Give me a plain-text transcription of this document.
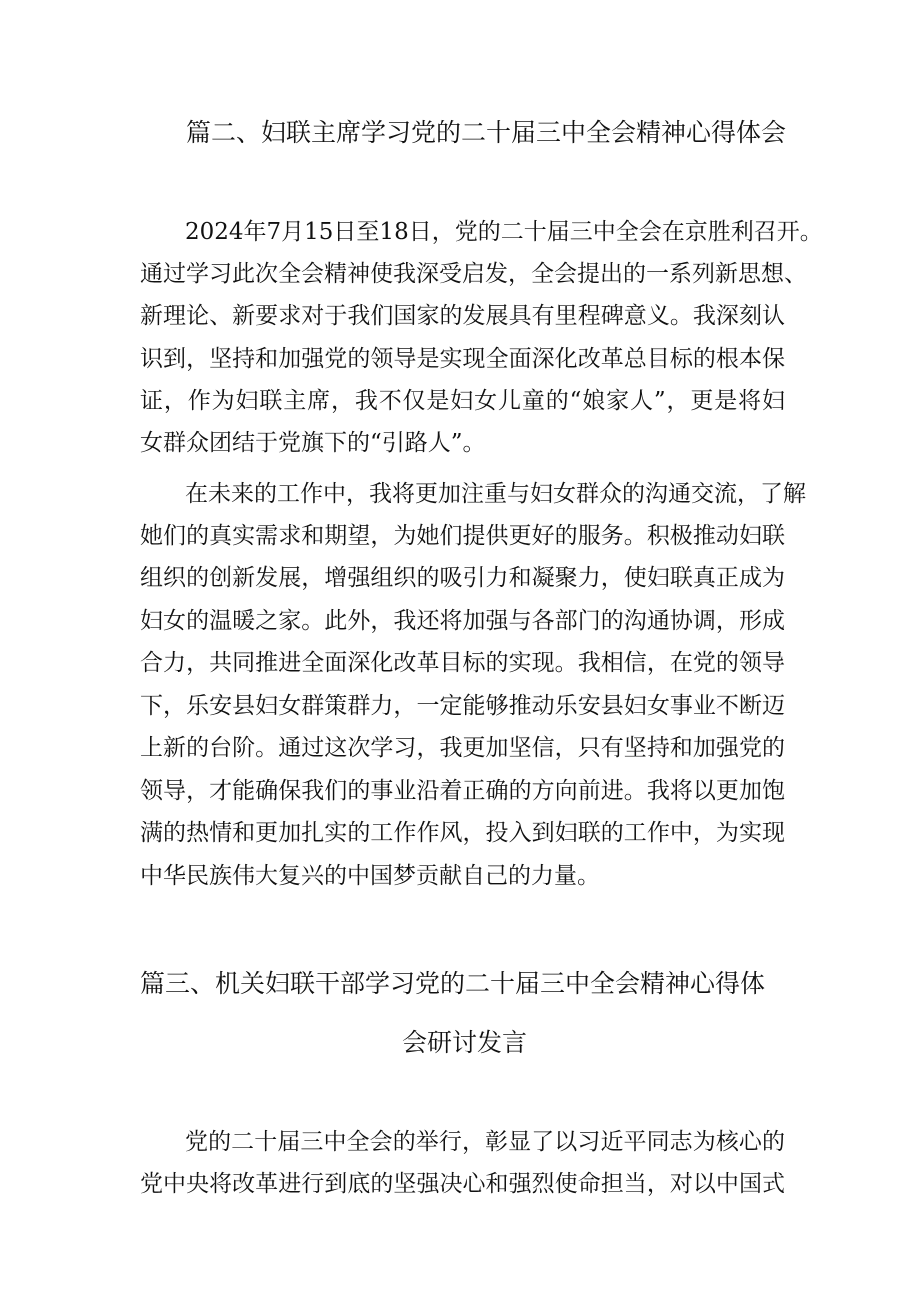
篇二、妇联主席学习党的二十届三中全会精神心得体会
2024年7月15日至18日，党的二十届三中全会在京胜利召开。
通过学习此次全会精神使我深受启发，全会提出的一系列新思想、
新理论、新要求对于我们国家的发展具有里程碑意义。我深刻认
识到，坚持和加强党的领导是实现全面深化改革总目标的根本保
证，作为妇联主席，我不仅是妇女儿童的“娘家人”，更是将妇
女群众团结于党旗下的“引路人”。
在未来的工作中，我将更加注重与妇女群众的沟通交流，了解
她们的真实需求和期望，为她们提供更好的服务。积极推动妇联
组织的创新发展，增强组织的吸引力和凝聚力，使妇联真正成为
妇女的温暖之家。此外，我还将加强与各部门的沟通协调，形成
合力，共同推进全面深化改革目标的实现。我相信，在党的领导
下，乐安县妇女群策群力，一定能够推动乐安县妇女事业不断迈
上新的台阶。通过这次学习，我更加坚信，只有坚持和加强党的
领导，才能确保我们的事业沿着正确的方向前进。我将以更加饱
满的热情和更加扎实的工作作风，投入到妇联的工作中，为实现
中华民族伟大复兴的中国梦贡献自己的力量。
篇三、机关妇联干部学习党的二十届三中全会精神心得体
会研讨发言
党的二十届三中全会的举行，彰显了以习近平同志为核心的
党中央将改革进行到底的坚强决心和强烈使命担当，对以中国式
